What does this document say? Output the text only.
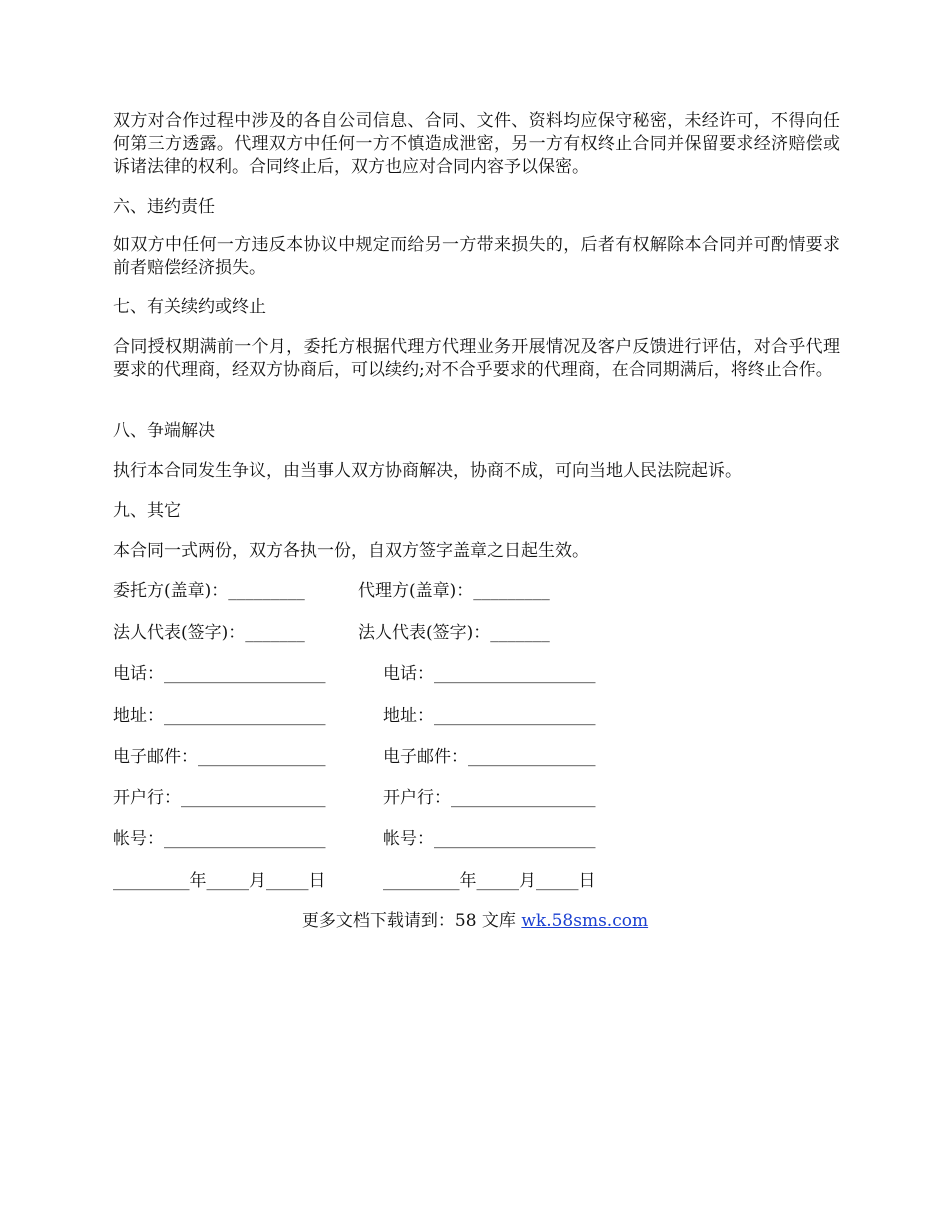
双方对合作过程中涉及的各自公司信息、合同、文件、资料均应保守秘密，未经许可，不得向任何第三方透露。代理双方中任何一方不慎造成泄密，另一方有权终止合同并保留要求经济赔偿或诉诸法律的权利。合同终止后，双方也应对合同内容予以保密。

六、违约责任

如双方中任何一方违反本协议中规定而给另一方带来损失的，后者有权解除本合同并可酌情要求前者赔偿经济损失。

七、有关续约或终止

合同授权期满前一个月，委托方根据代理方代理业务开展情况及客户反馈进行评估，对合乎代理要求的代理商，经双方协商后，可以续约;对不合乎要求的代理商，在合同期满后，将终止合作。

八、争端解决

执行本合同发生争议，由当事人双方协商解决，协商不成，可向当地人民法院起诉。

九、其它

本合同一式两份，双方各执一份，自双方签字盖章之日起生效。

委托方(盖章)：_________	代理方(盖章)：_________
法人代表(签字)：_______	法人代表(签字)：_______
电话：___________________	电话：___________________
地址：___________________	地址：___________________
电子邮件：_______________	电子邮件：_______________
开户行：_________________	开户行：_________________
帐号：___________________	帐号：___________________
_________年_____月_____日	_________年_____月_____日
更多文档下载请到：58 文库 wk.58sms.com
